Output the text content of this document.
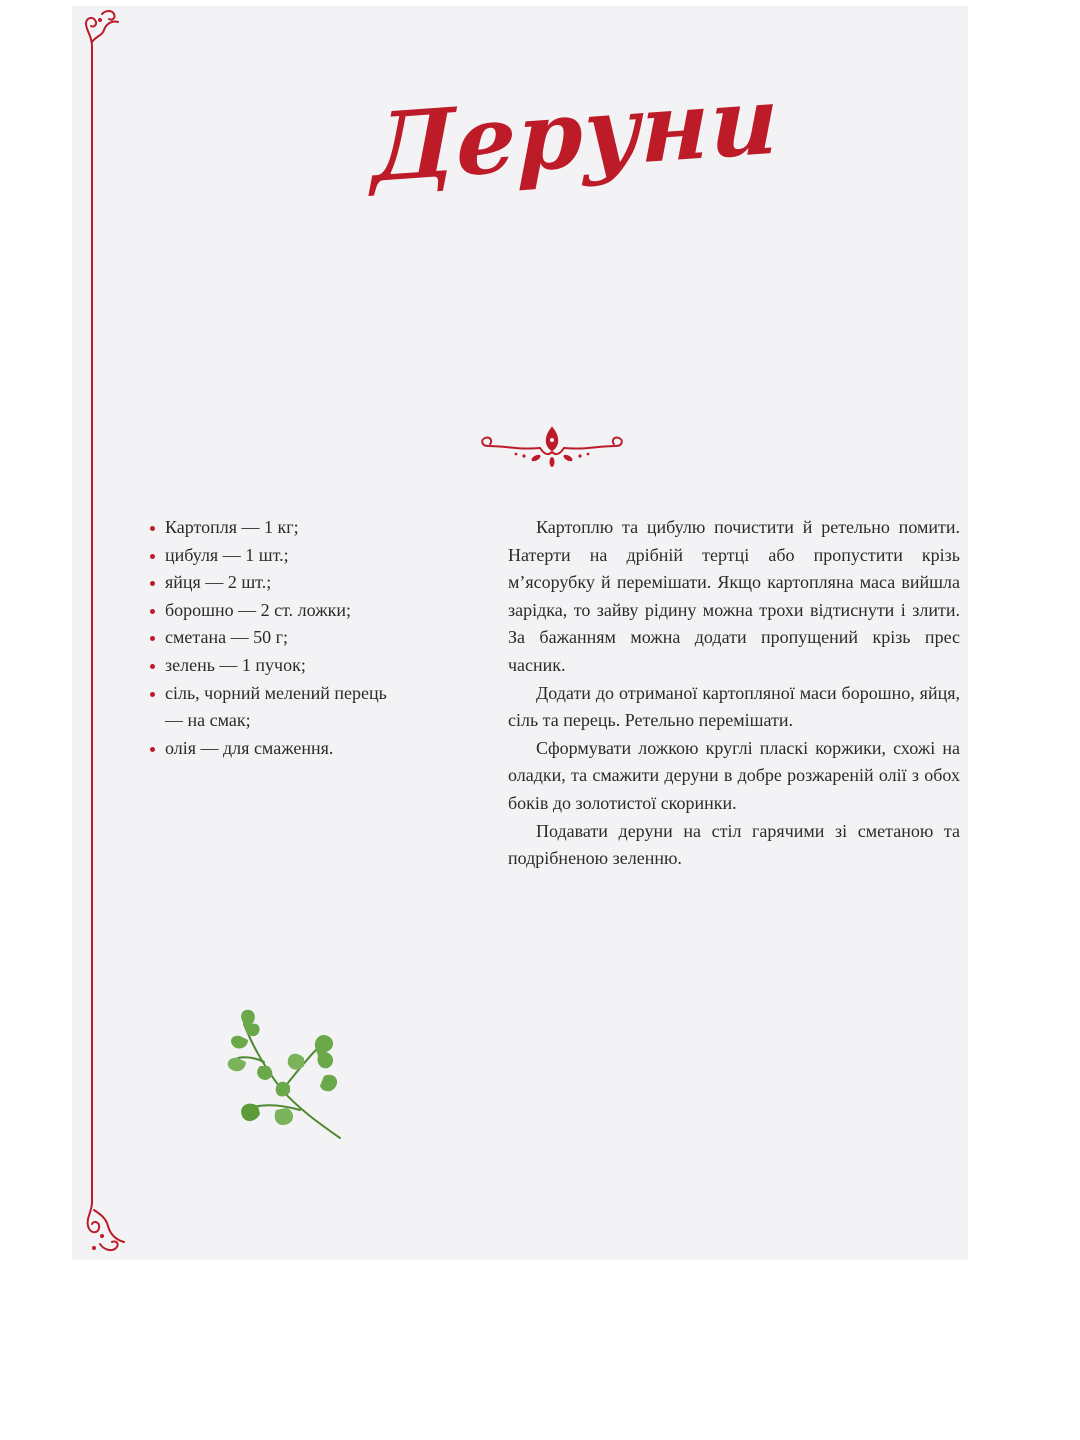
Деруни
Картопля — 1 кг;
цибуля — 1 шт.;
яйця — 2 шт.;
борошно — 2 ст. ложки;
сметана — 50 г;
зелень — 1 пучок;
сіль, чорний мелений перець — на смак;
олія — для смаження.

Картоплю та цибулю почистити й ретельно помити. Натерти на дрібній тертці або пропустити крізь м’ясорубку й перемішати. Якщо картопляна маса вийшла зарідка, то зайву рідину можна трохи відтиснути і злити. За бажанням можна додати пропущений крізь прес часник.

Додати до отриманої картопляної маси борошно, яйця, сіль та перець. Ретельно перемішати.

Сформувати ложкою круглі пласкі коржики, схожі на оладки, та смажити деруни в добре розжареній олії з обох боків до золотистої скоринки.

Подавати деруни на стіл гарячими зі сметаною та подрібненою зеленню.
